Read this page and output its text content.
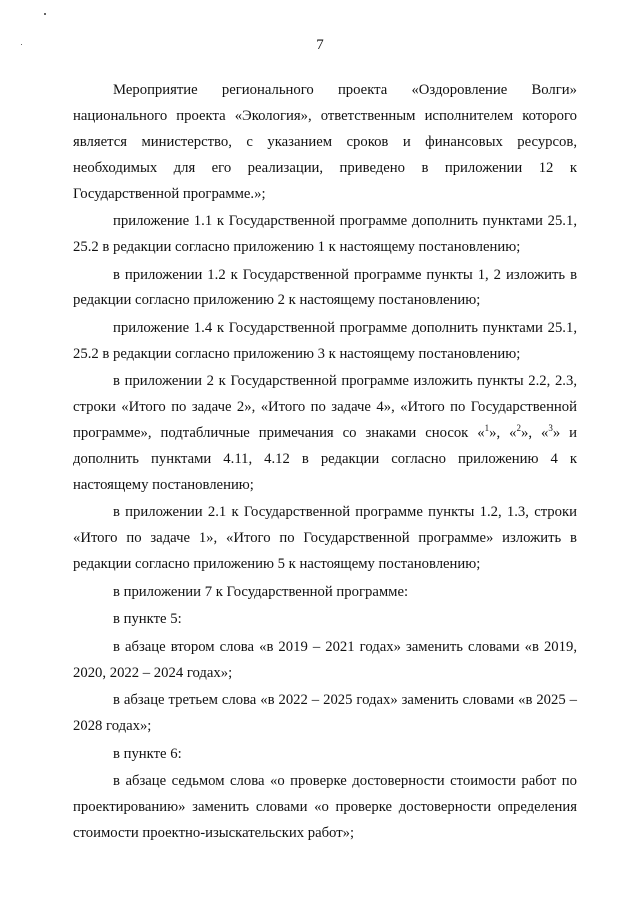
7

Мероприятие регионального проекта «Оздоровление Волги» национального проекта «Экология», ответственным исполнителем которого является министерство, с указанием сроков и финансовых ресурсов, необходимых для его реализации, приведено в приложении 12 к Государственной программе.»;

приложение 1.1 к Государственной программе дополнить пунктами 25.1, 25.2 в редакции согласно приложению 1 к настоящему постановлению;

в приложении 1.2 к Государственной программе пункты 1, 2 изложить в редакции согласно приложению 2 к настоящему постановлению;

приложение 1.4 к Государственной программе дополнить пунктами 25.1, 25.2 в редакции согласно приложению 3 к настоящему постановлению;

в приложении 2 к Государственной программе изложить пункты 2.2, 2.3, строки «Итого по задаче 2», «Итого по задаче 4», «Итого по Государственной программе», подтабличные примечания со знаками сносок «$^1$», «$^2$», «$^3$» и дополнить пунктами 4.11, 4.12 в редакции согласно приложению 4 к настоящему постановлению;

в приложении 2.1 к Государственной программе пункты 1.2, 1.3, строки «Итого по задаче 1», «Итого по Государственной программе» изложить в редакции согласно приложению 5 к настоящему постановлению;

в приложении 7 к Государственной программе:

в пункте 5:

в абзаце втором слова «в 2019 – 2021 годах» заменить словами «в 2019, 2020, 2022 – 2024 годах»;

в абзаце третьем слова «в 2022 – 2025 годах» заменить словами «в 2025 – 2028 годах»;

в пункте 6:

в абзаце седьмом слова «о проверке достоверности стоимости работ по проектированию» заменить словами «о проверке достоверности определения стоимости проектно-изыскательских работ»;
